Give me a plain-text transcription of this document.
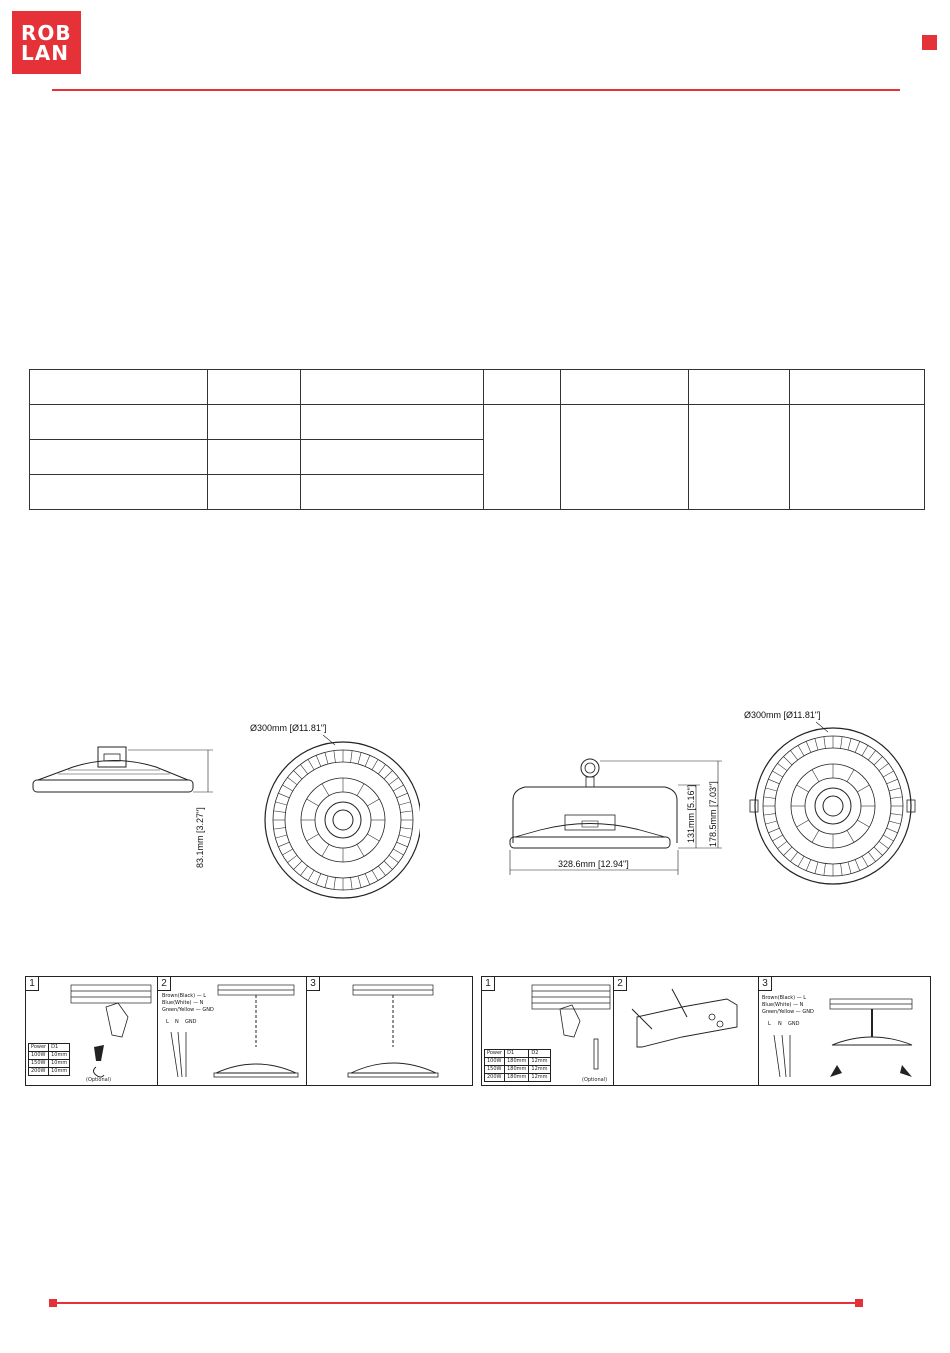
ROB
LAN

83.1mm [3.27"]
Ø300mm [Ø11.81"]
328.6mm [12.94"]
131mm [5.16"] 178.5mm [7.03"]
Ø300mm [Ø11.81"]
1	2	3
Brown(Black) — L
Blue(White) — N
Green/Yellow — GND
L N GND
Power	D1
100W	10mm
150W	10mm
200W	10mm
(Optional)
1	2	3
Brown(Black) — L
Blue(White) — N
Green/Yellow — GND
L N GND
Power	D1	D2
100W	180mm	12mm
150W	180mm	12mm
200W	180mm	12mm	(Optional)
